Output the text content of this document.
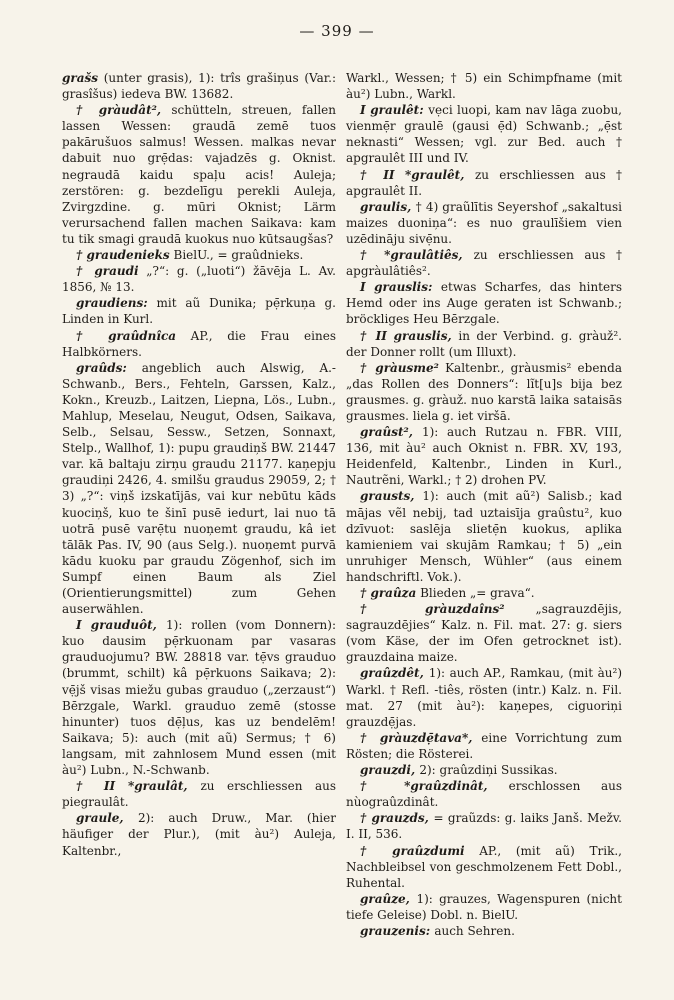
— 399 —

grašs (unter grasis), 1): trîs grašiņus (Var.: grasîšus) iedeva BW. 13682.

† gràudât², schütteln, streuen, fallen lassen Wessen: graudā zemē tuos pakārušuos salmus! Wessen. malkas nevar dabuit nuo grẹ̄das: vajadzēs g. Oknist. negraudā kaidu spaļu acis! Auleja; zerstören: g. bezdelīgu perekli Auleja, Zvirgzdine. g. mūri Oknist; Lärm verursachend fallen machen Saikava: kam tu tik smagi graudā kuokus nuo kūtsaugšas?

† graudenieks BielU., = graûdnieks.

† graudi „?“: g. („luoti“) žāvēja L. Av. 1856, № 13.

graudiens: mit aũ Dunika; pẹ̄rkuņa g. Linden in Kurl.

† graûdnîca AP., die Frau eines Halbkörners.

graûds: angeblich auch Alswig, A.-Schwanb., Bers., Fehteln, Garssen, Kalz., Kokn., Kreuzb., Laitzen, Liepna, Lös., Lubn., Mahlup, Meselau, Neugut, Odsen, Saikava, Selb., Selsau, Sessw., Setzen, Sonnaxt, Stelp., Wallhof, 1): pupu graudiņš BW. 21447 var. kā baltaju zirņu graudu 21177. kaņepju graudiņi 2426, 4. smilšu graudus 29059, 2; † 3) „?“: viņš izskatījās, vai kur nebūtu kāds kuociņš, kuo te šinī pusē iedurt, lai nuo tā uotrā pusē varẹ̄tu nuoņemt graudu, kâ iet tālāk Pas. IV, 90 (aus Selg.). nuoņemt purvā kādu kuoku par graudu Zögenhof, sich im Sumpf einen Baum als Ziel (Orientierungsmittel) zum Gehen auserwählen.

I grauduôt, 1): rollen (vom Donnern): kuo dausim pẹ̄rkuonam par vasaras grauduojumu? BW. 28818 var. tẹ̄vs grauduo (brummt, schilt) kâ pẹ̄rkuons Saikava; 2): vẹ̄jš visas miežu gubas grauduo („zerzaust“) Bērzgale, Warkl. grauduo zemē (stosse hinunter) tuos dẹ̄ļus, kas uz bendelēm! Saikava; 5): auch (mit aũ) Sermus; † 6) langsam, mit zahnlosem Mund essen (mit àu²) Lubn., N.-Schwanb.

† II *graulât, zu erschliessen aus piegraulât.

graule, 2): auch Druw., Mar. (hier häufiger der Plur.), (mit àu²) Auleja, Kaltenbr.,

Warkl., Wessen; † 5) ein Schimpfname (mit àu²) Lubn., Warkl.

I graulêt: vẹci luopi, kam nav lāga zuobu, vienmẹ̄r graulē (gausi ẹ̄d) Schwanb.; „ẹ̄st neknasti“ Wessen; vgl. zur Bed. auch † apgraulêt III und IV.

† II *graulêt, zu erschliessen aus † apgraulêt II.

graulis, † 4) graũlītis Seyershof „sakaltusi maizes duoniņa“: es nuo graulīšiem vien uzēdināju sivẹ̄nu.

† *graulâtiês, zu erschliessen aus † apgràulâtiês².

I grauslis: etwas Scharfes, das hinters Hemd oder ins Auge geraten ist Schwanb.; bröckliges Heu Bērzgale.

† II grauslis, in der Verbind. g. gràuž². der Donner rollt (um Illuxt).

† gràusme² Kaltenbr., gràusmis² ebenda „das Rollen des Donners“: lĩt[u]s bija bez grausmes. g. gràuž. nuo karstā laika sataisās grausmes. liela g. iet viršā.

graûst², 1): auch Rutzau n. FBR. VIII, 136, mit àu² auch Oknist n. FBR. XV, 193, Heidenfeld, Kaltenbr., Linden in Kurl., Nautrẽni, Warkl.; † 2) drohen PV.

grausts, 1): auch (mit aũ²) Salisb.; kad mājas vẽl nebij, tad uztaisīja graûstu², kuo dzīvuot: saslēja slietẹ̄n kuokus, aplika kamieniem vai skujām Ramkau; † 5) „ein unruhiger Mensch, Wühler“ (aus einem handschriftl. Vok.).

† graûza Blieden „= grava“.

† gràuzdaîns² „sagrauzdējis, sagrauzdējies“ Kalz. n. Fil. mat. 27: g. siers (vom Käse, der im Ofen getrocknet ist). grauzdaina maize.

graûzdêt, 1): auch AP., Ramkau, (mit àu²) Warkl. † Refl. -tiês, rösten (intr.) Kalz. n. Fil. mat. 27 (mit àu²): kaņepes, ciguoriņi grauzdẹ̄jas.

† gràuzdẹ̄tava*, eine Vorrichtung zum Rösten; die Rösterei.

grauzdi, 2): graûzdiņi Sussikas.

† *graûzdinât, erschlossen aus nùograûzdinât.

† grauzds, = graũzds: g. laiks Janš. Mežv. I. II, 536.

† graûzdumi AP., (mit aũ) Trik., Nachbleibsel von geschmolzenem Fett Dobl., Ruhental.

graûze, 1): grauzes, Wagenspuren (nicht tiefe Geleise) Dobl. n. BielU.

grauzenis: auch Sehren.
